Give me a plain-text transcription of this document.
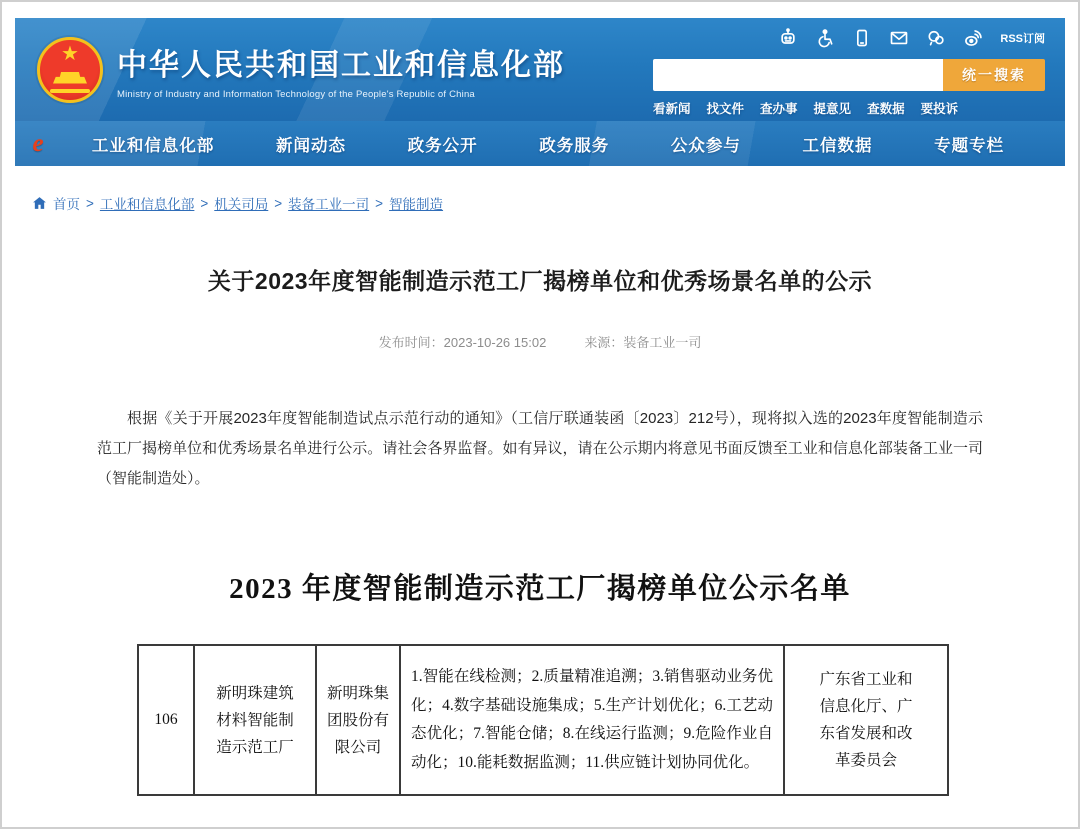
★	中华人民共和国工业和信息化部
Ministry of Industry and Information Technology of the People's Republic of China
RSS订阅
统一搜索
看新闻 找文件 查办事 提意见 查数据 要投诉
e	工业和信息化部	新闻动态	政务公开	政务服务	公众参与	工信数据	专题专栏
首页 > 工业和信息化部 > 机关司局 > 装备工业一司 > 智能制造
关于2023年度智能制造示范工厂揭榜单位和优秀场景名单的公示
发布时间：2023-10-26 15:02	来源：装备工业一司
根据《关于开展2023年度智能制造试点示范行动的通知》（工信厅联通装函〔2023〕212号），现将拟入选的2023年度智能制造示范工厂揭榜单位和优秀场景名单进行公示。请社会各界监督。如有异议，请在公示期内将意见书面反馈至工业和信息化部装备工业一司（智能制造处）。
2023 年度智能制造示范工厂揭榜单位公示名单
106	新明珠建筑材料智能制造示范工厂	新明珠集团股份有限公司	1.智能在线检测；2.质量精准追溯；3.销售驱动业务优化；4.数字基础设施集成；5.生产计划优化；6.工艺动态优化；7.智能仓储；8.在线运行监测；9.危险作业自动化；10.能耗数据监测；11.供应链计划协同优化。	广东省工业和信息化厅、广东省发展和改革委员会
